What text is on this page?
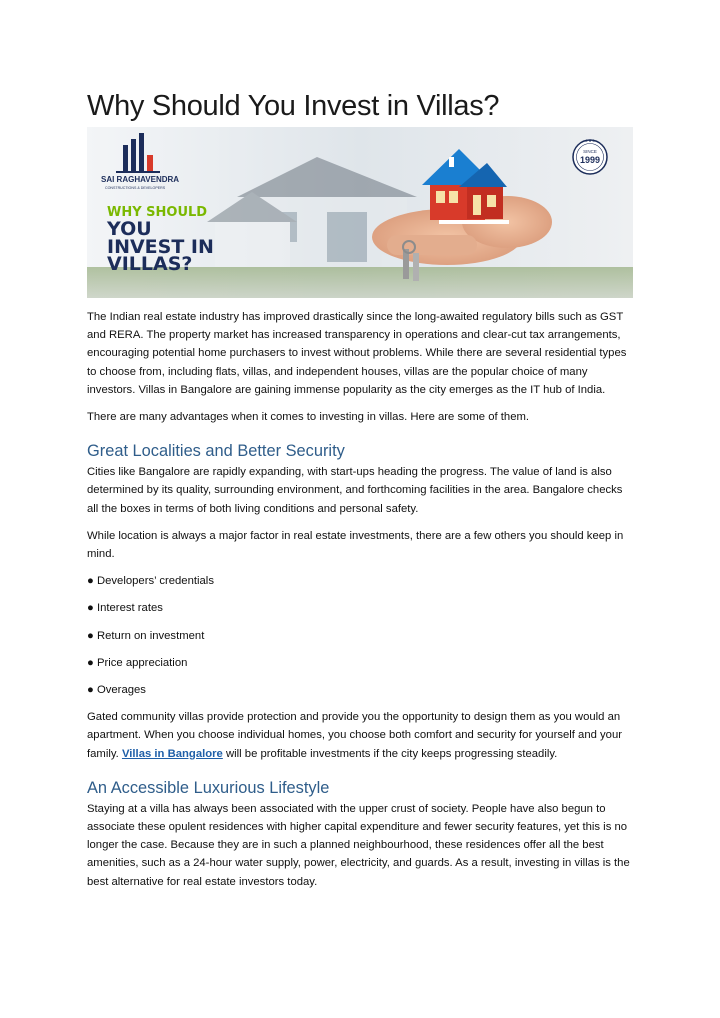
Why Should You Invest in Villas?
SAI RAGHAVENDRA
CONSTRUCTIONS & DEVELOPERS
WHY SHOULD
YOU
INVEST IN
VILLAS?
SINCE
1999
★★★

The Indian real estate industry has improved drastically since the long-awaited regulatory bills such as GST and RERA. The property market has increased transparency in operations and clear-cut tax arrangements, encouraging potential home purchasers to invest without problems. While there are several residential types to choose from, including flats, villas, and independent houses, villas are the popular choice of many investors. Villas in Bangalore are gaining immense popularity as the city emerges as the IT hub of India.

There are many advantages when it comes to investing in villas. Here are some of them.

Great Localities and Better Security

Cities like Bangalore are rapidly expanding, with start-ups heading the progress. The value of land is also determined by its quality, surrounding environment, and forthcoming facilities in the area. Bangalore checks all the boxes in terms of both living conditions and personal safety.

While location is always a major factor in real estate investments, there are a few others you should keep in mind.

● Developers’ credentials

● Interest rates

● Return on investment

● Price appreciation

● Overages

Gated community villas provide protection and provide you the opportunity to design them as you would an apartment. When you choose individual homes, you choose both comfort and security for yourself and your family. Villas in Bangalore will be profitable investments if the city keeps progressing steadily.

An Accessible Luxurious Lifestyle

Staying at a villa has always been associated with the upper crust of society. People have also begun to associate these opulent residences with higher capital expenditure and fewer security features, yet this is no longer the case. Because they are in such a planned neighbourhood, these residences offer all the best amenities, such as a 24-hour water supply, power, electricity, and guards. As a result, investing in villas is the best alternative for real estate investors today.
